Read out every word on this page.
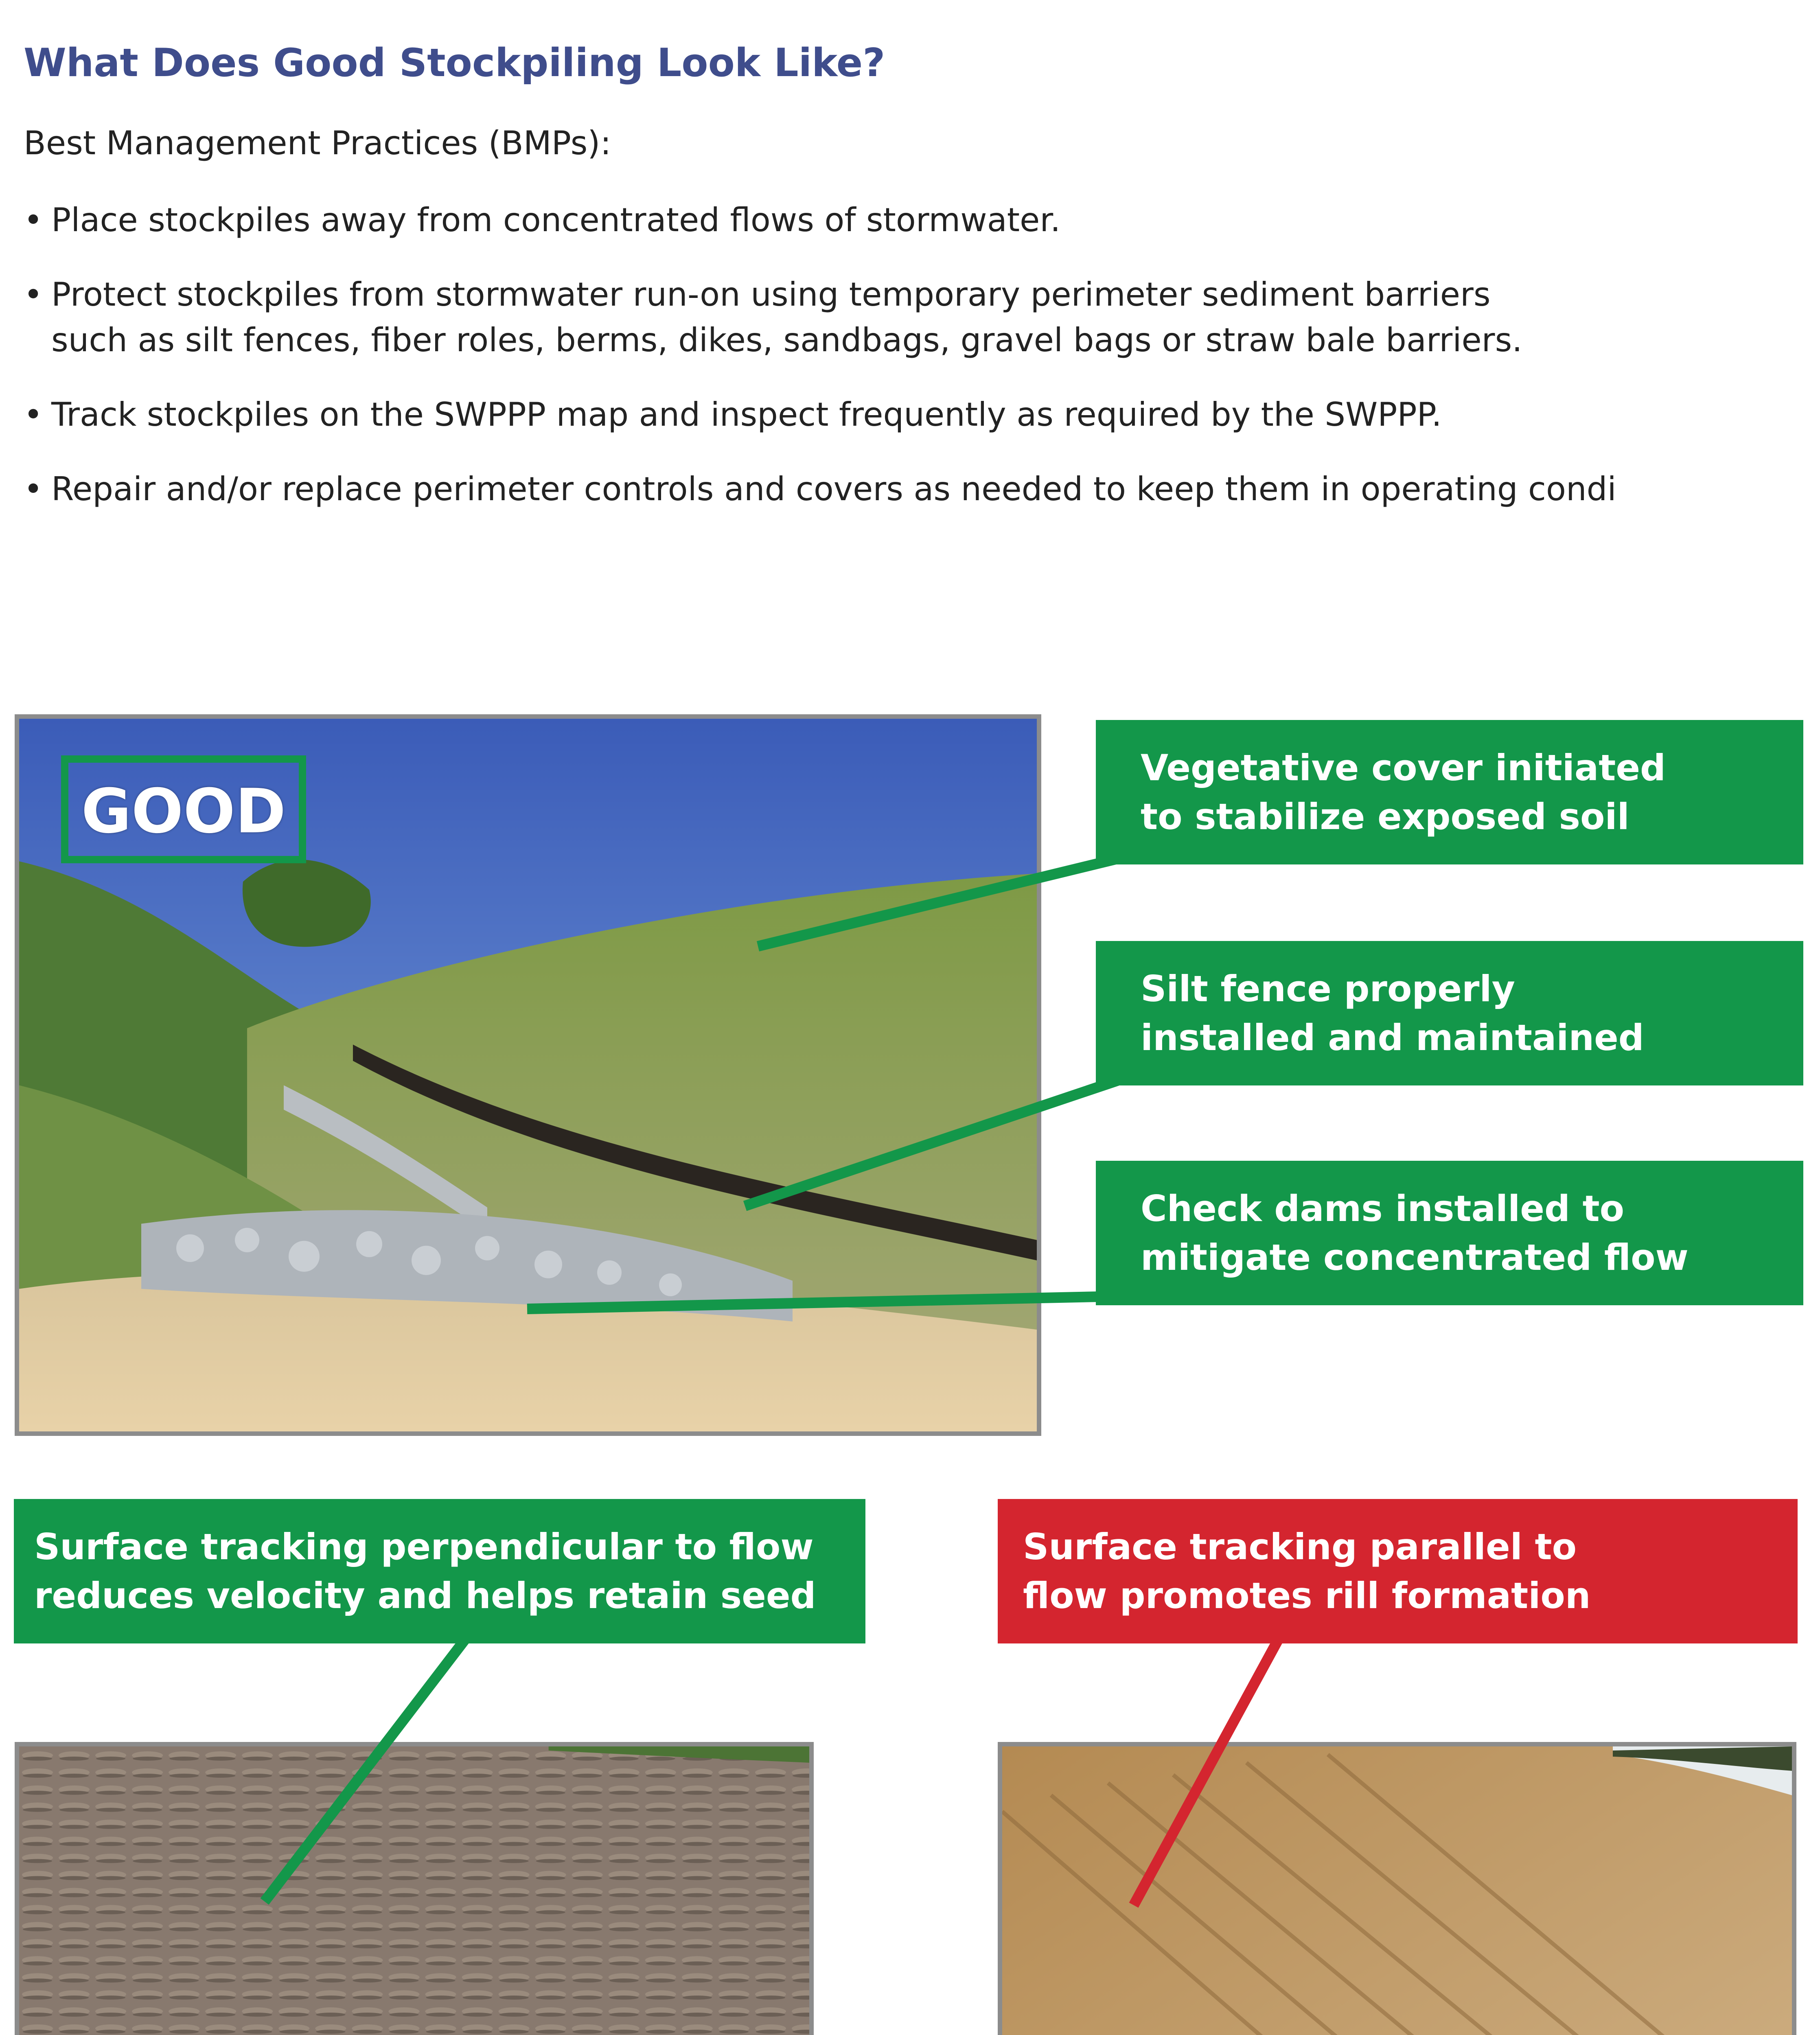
What Does Good Stockpiling Look Like?
Best Management Practices (BMPs):
• Place stockpiles away from concentrated flows of stormwater.
• Protect stockpiles from stormwater run-on using temporary perimeter sediment barriers
such as silt fences, fiber roles, berms, dikes, sandbags, gravel bags or straw bale barriers.
• Track stockpiles on the SWPPP map and inspect frequently as required by the SWPPP.
• Repair and/or replace perimeter controls and covers as needed to keep them in operating condi
GOOD
Vegetative cover initiated
to stabilize exposed soil
Silt fence properly
installed and maintained
Check dams installed to
mitigate concentrated flow
Surface tracking perpendicular to flow
reduces velocity and helps retain seed
Surface tracking parallel to
flow promotes rill formation
